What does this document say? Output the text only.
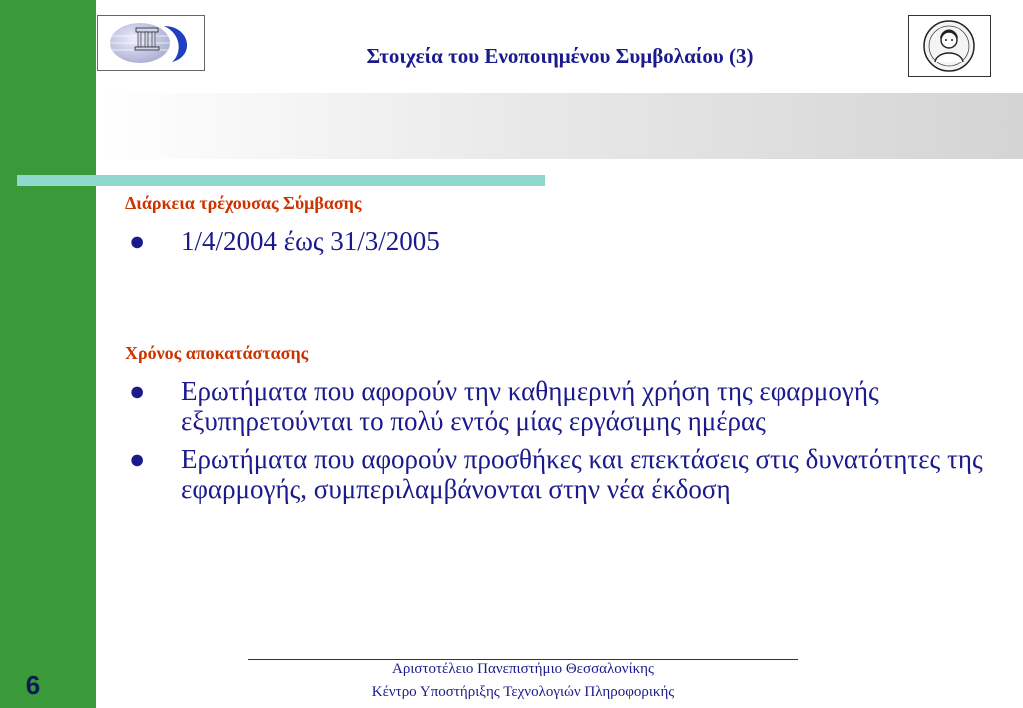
6
Στοιχεία του Ενοποιημένου Συμβολαίου (3)
Διάρκεια τρέχουσας Σύμβασης

● 1/4/2004 έως 31/3/2005

Χρόνος αποκατάστασης

● Ερωτήματα που αφορούν την καθημερινή χρήση της εφαρμογής εξυπηρετούνται το πολύ εντός μίας εργάσιμης ημέρας

● Ερωτήματα που αφορούν προσθήκες και επεκτάσεις στις δυνατότητες της εφαρμογής, συμπεριλαμβάνονται στην νέα έκδοση

Αριστοτέλειο Πανεπιστήμιο Θεσσαλονίκης
Κέντρο Υποστήριξης Τεχνολογιών Πληροφορικής
